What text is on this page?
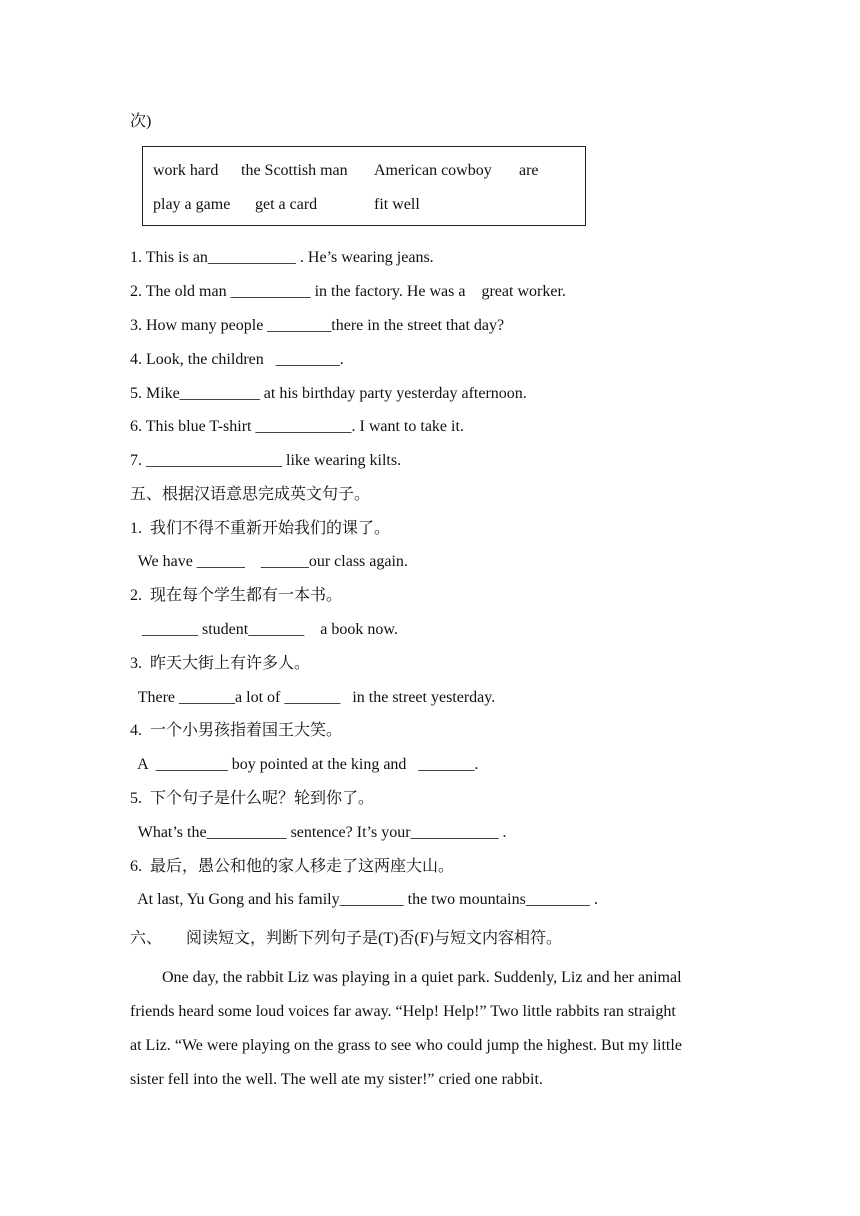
次)
work hard the Scottish man American cowboy are
play a game get a card	fit well
1. This is an___________ . He’s wearing jeans.
2. The old man __________ in the factory. He was a    great worker.
3. How many people ________there in the street that day?
4. Look, the children   ________.
5. Mike__________ at his birthday party yesterday afternoon.
6. This blue T-shirt ____________. I want to take it.
7. _________________ like wearing kilts.
五、根据汉语意思完成英文句子。
1.  我们不得不重新开始我们的课了。
We have ______    ______our class again.
2.  现在每个学生都有一本书。
_______ student_______    a book now.
3.  昨天大街上有许多人。
There _______a lot of _______   in the street yesterday.
4.  一个小男孩指着国王大笑。
A  _________ boy pointed at the king and   _______.
5.  下个句子是什么呢？轮到你了。
What’s the__________ sentence? It’s your___________ .
6.  最后，愚公和他的家人移走了这两座大山。
At last, Yu Gong and his family________ the two mountains________ .
六、      阅读短文，判断下列句子是(T)否(F)与短文内容相符。
One day, the rabbit Liz was playing in a quiet park. Suddenly, Liz and her animal
friends heard some loud voices far away. “Help! Help!” Two little rabbits ran straight
at Liz. “We were playing on the grass to see who could jump the highest. But my little
sister fell into the well. The well ate my sister!” cried one rabbit.
